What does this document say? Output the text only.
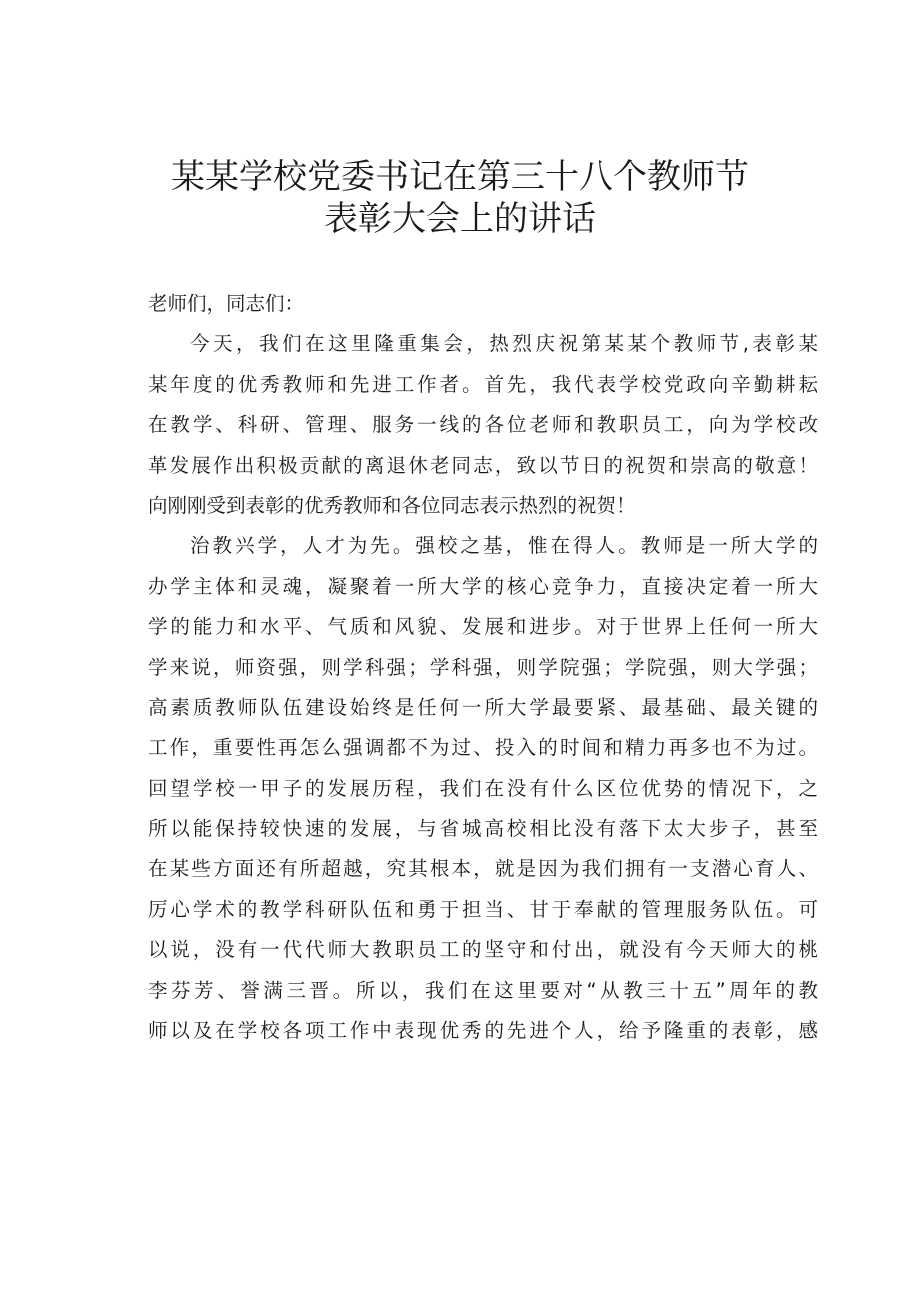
某某学校党委书记在第三十八个教师节
表彰大会上的讲话
老师们，同志们：
今天，我们在这里隆重集会，热烈庆祝第某某个教师节,表彰某
某年度的优秀教师和先进工作者。首先，我代表学校党政向辛勤耕耘
在教学、科研、管理、服务一线的各位老师和教职员工，向为学校改
革发展作出积极贡献的离退休老同志，致以节日的祝贺和崇高的敬意！
向刚刚受到表彰的优秀教师和各位同志表示热烈的祝贺！
治教兴学，人才为先。强校之基，惟在得人。教师是一所大学的
办学主体和灵魂，凝聚着一所大学的核心竞争力，直接决定着一所大
学的能力和水平、气质和风貌、发展和进步。对于世界上任何一所大
学来说，师资强，则学科强；学科强，则学院强；学院强，则大学强；
高素质教师队伍建设始终是任何一所大学最要紧、最基础、最关键的
工作，重要性再怎么强调都不为过、投入的时间和精力再多也不为过。
回望学校一甲子的发展历程，我们在没有什么区位优势的情况下，之
所以能保持较快速的发展，与省城高校相比没有落下太大步子，甚至
在某些方面还有所超越，究其根本，就是因为我们拥有一支潜心育人、
厉心学术的教学科研队伍和勇于担当、甘于奉献的管理服务队伍。可
以说，没有一代代师大教职员工的坚守和付出，就没有今天师大的桃
李芬芳、誉满三晋。所以，我们在这里要对“从教三十五”周年的教
师以及在学校各项工作中表现优秀的先进个人，给予隆重的表彰，感
